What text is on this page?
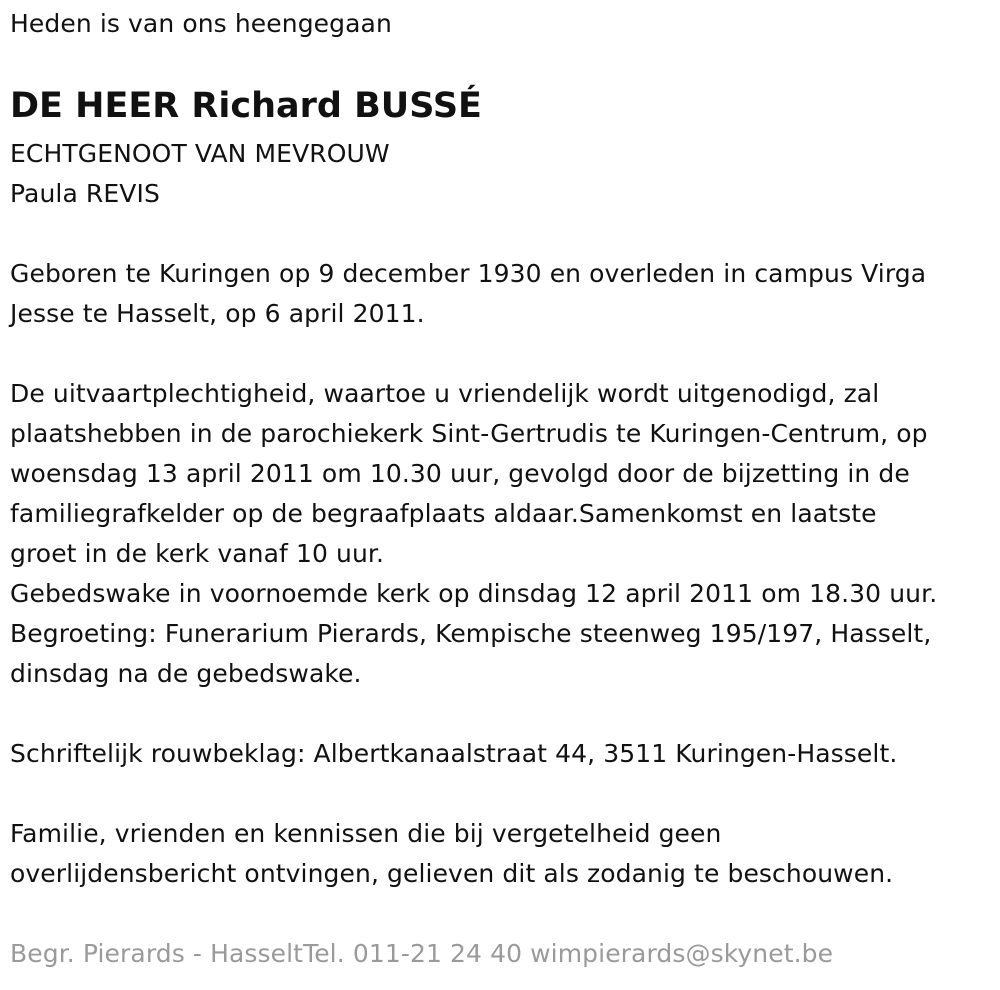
Heden is van ons heengegaan
DE HEER Richard BUSSÉ
ECHTGENOOT VAN MEVROUW
Paula REVIS
Geboren te Kuringen op 9 december 1930 en overleden in campus Virga
Jesse te Hasselt, op 6 april 2011.
De uitvaartplechtigheid, waartoe u vriendelijk wordt uitgenodigd, zal
plaatshebben in de parochiekerk Sint-Gertrudis te Kuringen-Centrum, op
woensdag 13 april 2011 om 10.30 uur, gevolgd door de bijzetting in de
familiegrafkelder op de begraafplaats aldaar.Samenkomst en laatste
groet in de kerk vanaf 10 uur.
Gebedswake in voornoemde kerk op dinsdag 12 april 2011 om 18.30 uur.
Begroeting: Funerarium Pierards, Kempische steenweg 195/197, Hasselt,
dinsdag na de gebedswake.
Schriftelijk rouwbeklag: Albertkanaalstraat 44, 3511 Kuringen-Hasselt.
Familie, vrienden en kennissen die bij vergetelheid geen
overlijdensbericht ontvingen, gelieven dit als zodanig te beschouwen.
Begr. Pierards - HasseltTel. 011-21 24 40 wimpierards@skynet.be
